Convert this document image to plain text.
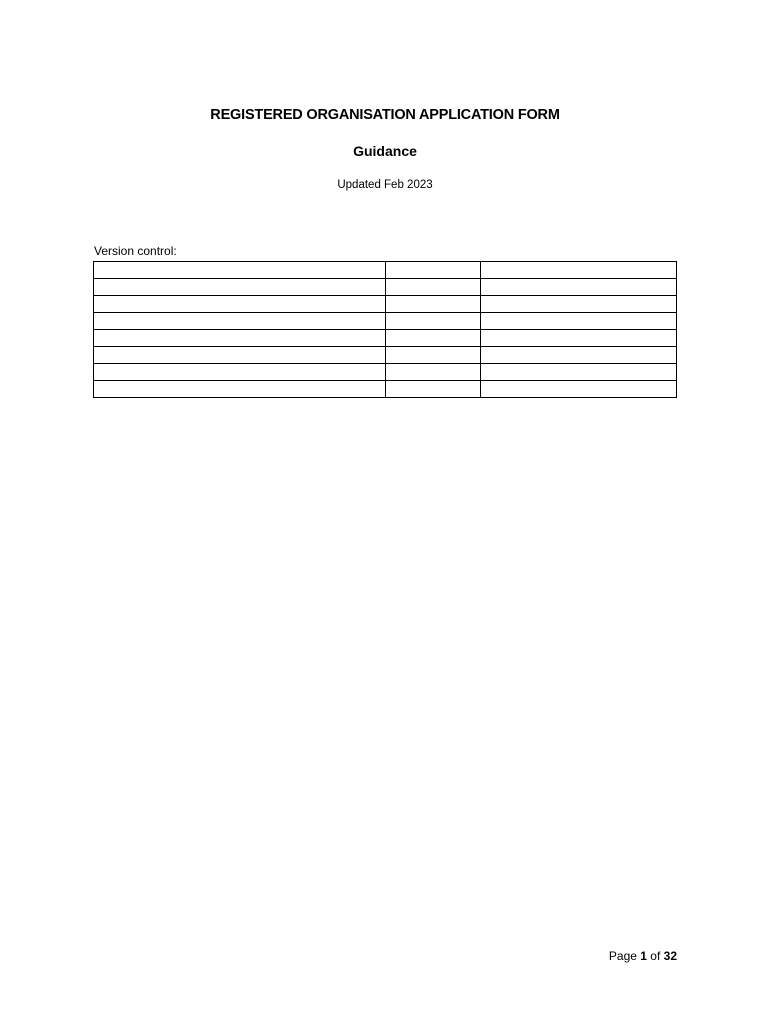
REGISTERED ORGANISATION APPLICATION FORM
Guidance
Updated Feb 2023
Version control:

Page 1 of 32
